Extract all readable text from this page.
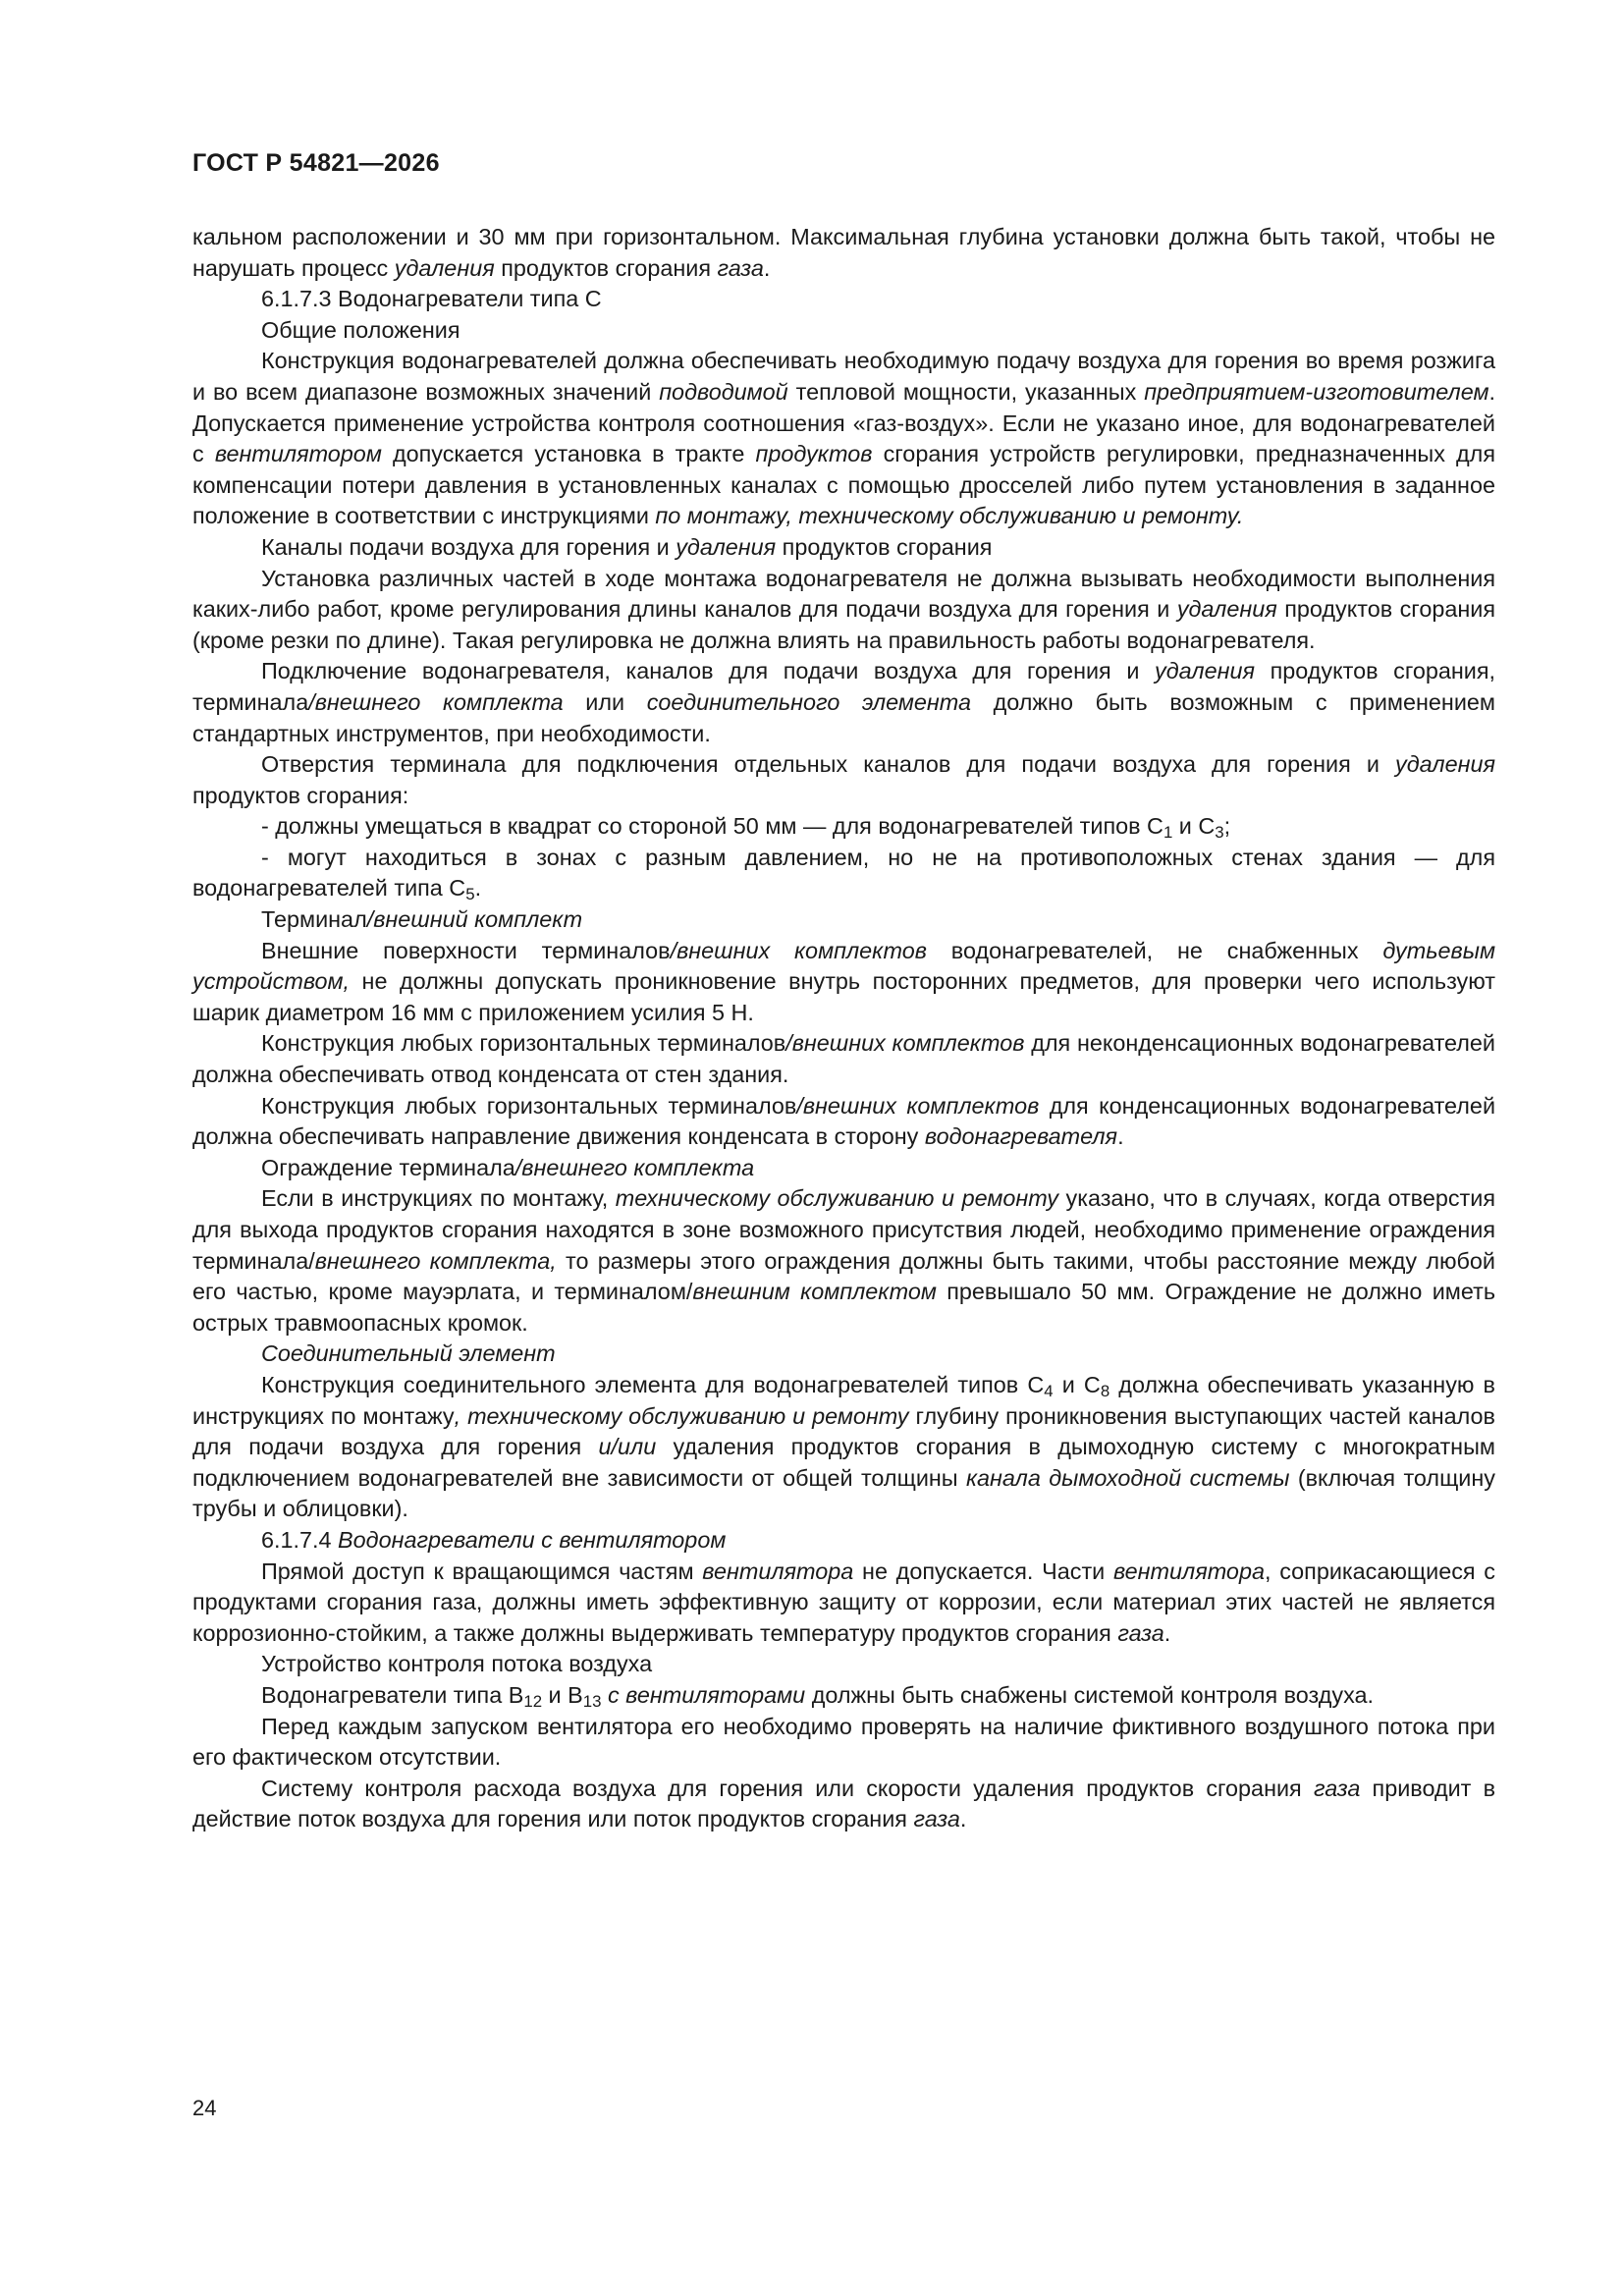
ГОСТ Р 54821—2026

кальном расположении и 30 мм при горизонтальном. Максимальная глубина установки должна быть такой, чтобы не нарушать процесс удаления продуктов сгорания газа.

6.1.7.3 Водонагреватели типа С

Общие положения

Конструкция водонагревателей должна обеспечивать необходимую подачу воздуха для горения во время розжига и во всем диапазоне возможных значений подводимой тепловой мощности, указанных предприятием-изготовителем. Допускается применение устройства контроля соотношения «газ-воздух». Если не указано иное, для водонагревателей с вентилятором допускается установка в тракте продуктов сгорания устройств регулировки, предназначенных для компенсации потери давления в установленных каналах с помощью дросселей либо путем установления в заданное положение в соответствии с инструкциями по монтажу, техническому обслуживанию и ремонту.

Каналы подачи воздуха для горения и удаления продуктов сгорания

Установка различных частей в ходе монтажа водонагревателя не должна вызывать необходимости выполнения каких-либо работ, кроме регулирования длины каналов для подачи воздуха для горения и удаления продуктов сгорания (кроме резки по длине). Такая регулировка не должна влиять на правильность работы водонагревателя.

Подключение водонагревателя, каналов для подачи воздуха для горения и удаления продуктов сгорания, терминала/внешнего комплекта или соединительного элемента должно быть возможным с применением стандартных инструментов, при необходимости.

Отверстия терминала для подключения отдельных каналов для подачи воздуха для горения и удаления продуктов сгорания:

- должны умещаться в квадрат со стороной 50 мм — для водонагревателей типов $С_1$ и $С_3$;

- могут находиться в зонах с разным давлением, но не на противоположных стенах здания — для водонагревателей типа $С_5$.

Терминал/внешний комплект

Внешние поверхности терминалов/внешних комплектов водонагревателей, не снабженных дутьевым устройством, не должны допускать проникновение внутрь посторонних предметов, для проверки чего используют шарик диаметром 16 мм с приложением усилия 5 Н.

Конструкция любых горизонтальных терминалов/внешних комплектов для неконденсационных водонагревателей должна обеспечивать отвод конденсата от стен здания.

Конструкция любых горизонтальных терминалов/внешних комплектов для конденсационных водонагревателей должна обеспечивать направление движения конденсата в сторону водонагревателя.

Ограждение терминала/внешнего комплекта

Если в инструкциях по монтажу, техническому обслуживанию и ремонту указано, что в случаях, когда отверстия для выхода продуктов сгорания находятся в зоне возможного присутствия людей, необходимо применение ограждения терминала/внешнего комплекта, то размеры этого ограждения должны быть такими, чтобы расстояние между любой его частью, кроме мауэрлата, и терминалом/внешним комплектом превышало 50 мм. Ограждение не должно иметь острых травмоопасных кромок.

Соединительный элемент

Конструкция соединительного элемента для водонагревателей типов $С_4$ и $С_8$ должна обеспечивать указанную в инструкциях по монтажу, техническому обслуживанию и ремонту глубину проникновения выступающих частей каналов для подачи воздуха для горения и/или удаления продуктов сгорания в дымоходную систему с многократным подключением водонагревателей вне зависимости от общей толщины канала дымоходной системы (включая толщину трубы и облицовки).

6.1.7.4 Водонагреватели с вентилятором

Прямой доступ к вращающимся частям вентилятора не допускается. Части вентилятора, соприкасающиеся с продуктами сгорания газа, должны иметь эффективную защиту от коррозии, если материал этих частей не является коррозионно-стойким, а также должны выдерживать температуру продуктов сгорания газа.

Устройство контроля потока воздуха

Водонагреватели типа $В_{12}$ и $В_{13}$ с вентиляторами должны быть снабжены системой контроля воздуха.

Перед каждым запуском вентилятора его необходимо проверять на наличие фиктивного воздушного потока при его фактическом отсутствии.

Систему контроля расхода воздуха для горения или скорости удаления продуктов сгорания газа приводит в действие поток воздуха для горения или поток продуктов сгорания газа.

24
